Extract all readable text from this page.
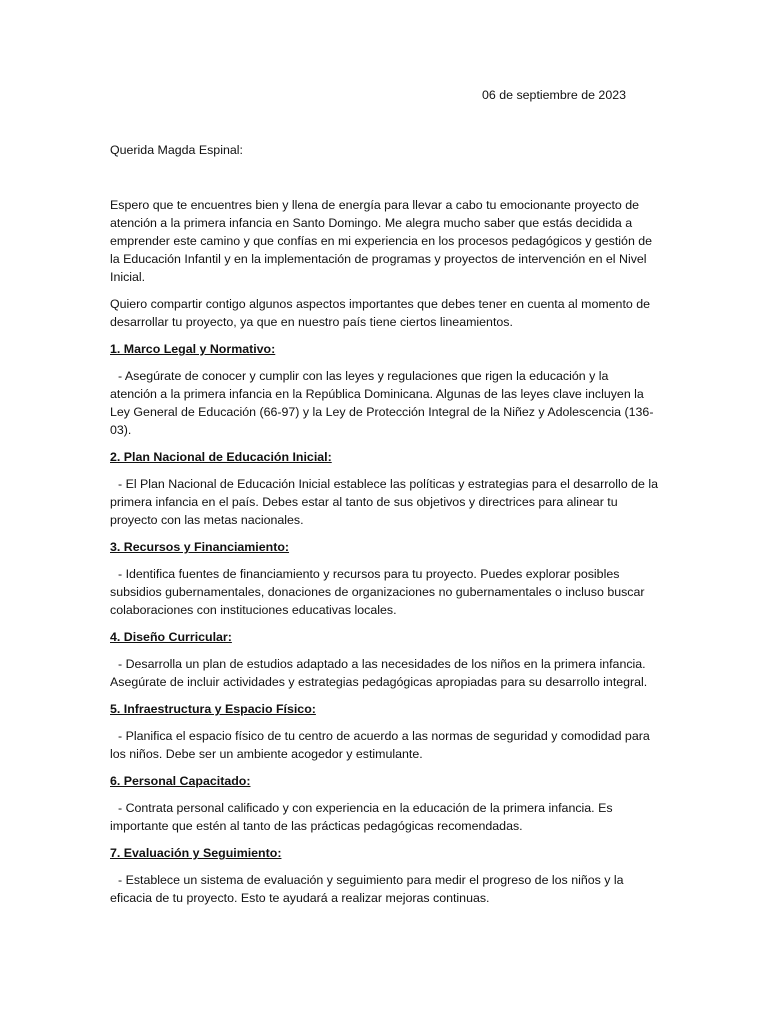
06 de septiembre de 2023

Querida Magda Espinal:

Espero que te encuentres bien y llena de energía para llevar a cabo tu emocionante proyecto de atención a la primera infancia en Santo Domingo. Me alegra mucho saber que estás decidida a emprender este camino y que confías en mi experiencia en los procesos pedagógicos y gestión de la Educación Infantil y en la implementación de programas y proyectos de intervención en el Nivel Inicial.

Quiero compartir contigo algunos aspectos importantes que debes tener en cuenta al momento de desarrollar tu proyecto, ya que en nuestro país tiene ciertos lineamientos.

1. Marco Legal y Normativo:

- Asegúrate de conocer y cumplir con las leyes y regulaciones que rigen la educación y la atención a la primera infancia en la República Dominicana. Algunas de las leyes clave incluyen la Ley General de Educación (66-97) y la Ley de Protección Integral de la Niñez y Adolescencia (136-03).

2. Plan Nacional de Educación Inicial:

- El Plan Nacional de Educación Inicial establece las políticas y estrategias para el desarrollo de la primera infancia en el país. Debes estar al tanto de sus objetivos y directrices para alinear tu proyecto con las metas nacionales.

3. Recursos y Financiamiento:

- Identifica fuentes de financiamiento y recursos para tu proyecto. Puedes explorar posibles subsidios gubernamentales, donaciones de organizaciones no gubernamentales o incluso buscar colaboraciones con instituciones educativas locales.

4. Diseño Curricular:

- Desarrolla un plan de estudios adaptado a las necesidades de los niños en la primera infancia. Asegúrate de incluir actividades y estrategias pedagógicas apropiadas para su desarrollo integral.

5. Infraestructura y Espacio Físico:

- Planifica el espacio físico de tu centro de acuerdo a las normas de seguridad y comodidad para los niños. Debe ser un ambiente acogedor y estimulante.

6. Personal Capacitado:

- Contrata personal calificado y con experiencia en la educación de la primera infancia. Es importante que estén al tanto de las prácticas pedagógicas recomendadas.

7. Evaluación y Seguimiento:

- Establece un sistema de evaluación y seguimiento para medir el progreso de los niños y la eficacia de tu proyecto. Esto te ayudará a realizar mejoras continuas.
